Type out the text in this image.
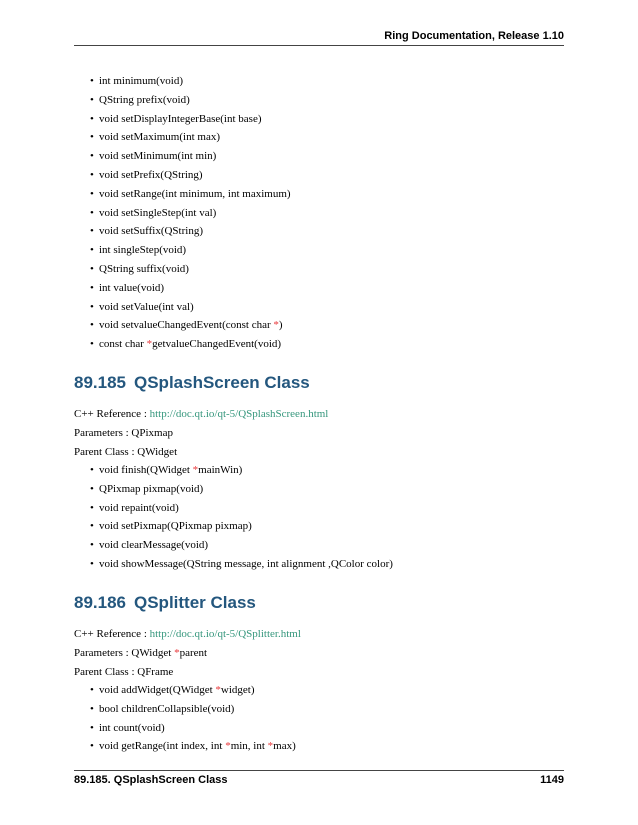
Ring Documentation, Release 1.10
• int minimum(void)
• QString prefix(void)
• void setDisplayIntegerBase(int base)
• void setMaximum(int max)
• void setMinimum(int min)
• void setPrefix(QString)
• void setRange(int minimum, int maximum)
• void setSingleStep(int val)
• void setSuffix(QString)
• int singleStep(void)
• QString suffix(void)
• int value(void)
• void setValue(int val)
• void setvalueChangedEvent(const char *)
• const char *getvalueChangedEvent(void)
89.185 QSplashScreen Class

C++ Reference : http://doc.qt.io/qt-5/QSplashScreen.html

Parameters : QPixmap

Parent Class : QWidget

• void finish(QWidget *mainWin)
• QPixmap pixmap(void)
• void repaint(void)
• void setPixmap(QPixmap pixmap)
• void clearMessage(void)
• void showMessage(QString message, int alignment ,QColor color)
89.186 QSplitter Class

C++ Reference : http://doc.qt.io/qt-5/QSplitter.html

Parameters : QWidget *parent

Parent Class : QFrame

• void addWidget(QWidget *widget)
• bool childrenCollapsible(void)
• int count(void)
• void getRange(int index, int *min, int *max)
89.185. QSplashScreen Class	1149
